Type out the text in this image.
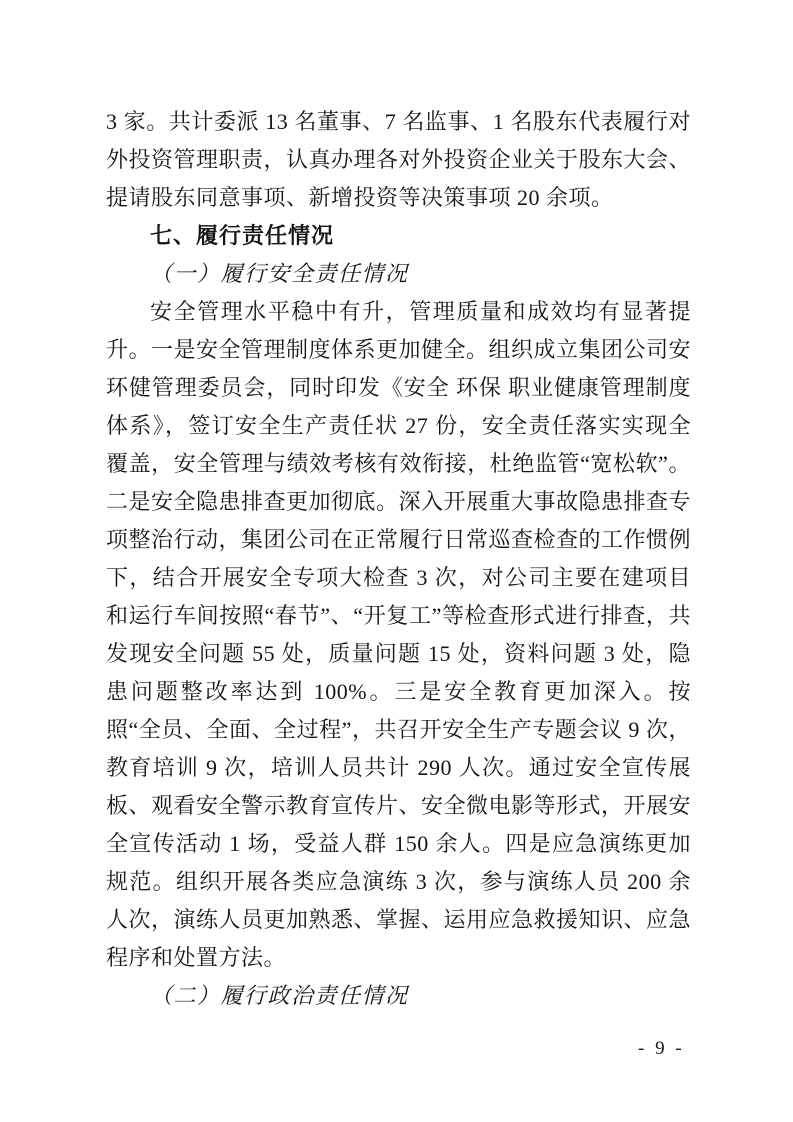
3 家。共计委派 13 名董事、7 名监事、1 名股东代表履行对外投资管理职责，认真办理各对外投资企业关于股东大会、提请股东同意事项、新增投资等决策事项 20 余项。

七、履行责任情况

（一）履行安全责任情况

安全管理水平稳中有升，管理质量和成效均有显著提升。一是安全管理制度体系更加健全。组织成立集团公司安环健管理委员会，同时印发《安全 环保 职业健康管理制度体系》，签订安全生产责任状 27 份，安全责任落实实现全覆盖，安全管理与绩效考核有效衔接，杜绝监管“宽松软”。二是安全隐患排查更加彻底。深入开展重大事故隐患排查专项整治行动，集团公司在正常履行日常巡查检查的工作惯例下，结合开展安全专项大检查 3 次，对公司主要在建项目和运行车间按照“春节”、“开复工”等检查形式进行排查，共发现安全问题 55 处，质量问题 15 处，资料问题 3 处，隐患问题整改率达到 100%。三是安全教育更加深入。按照“全员、全面、全过程”，共召开安全生产专题会议 9 次，教育培训 9 次，培训人员共计 290 人次。通过安全宣传展板、观看安全警示教育宣传片、安全微电影等形式，开展安全宣传活动 1 场，受益人群 150 余人。四是应急演练更加规范。组织开展各类应急演练 3 次，参与演练人员 200 余人次，演练人员更加熟悉、掌握、运用应急救援知识、应急程序和处置方法。

（二）履行政治责任情况

- 9 -
